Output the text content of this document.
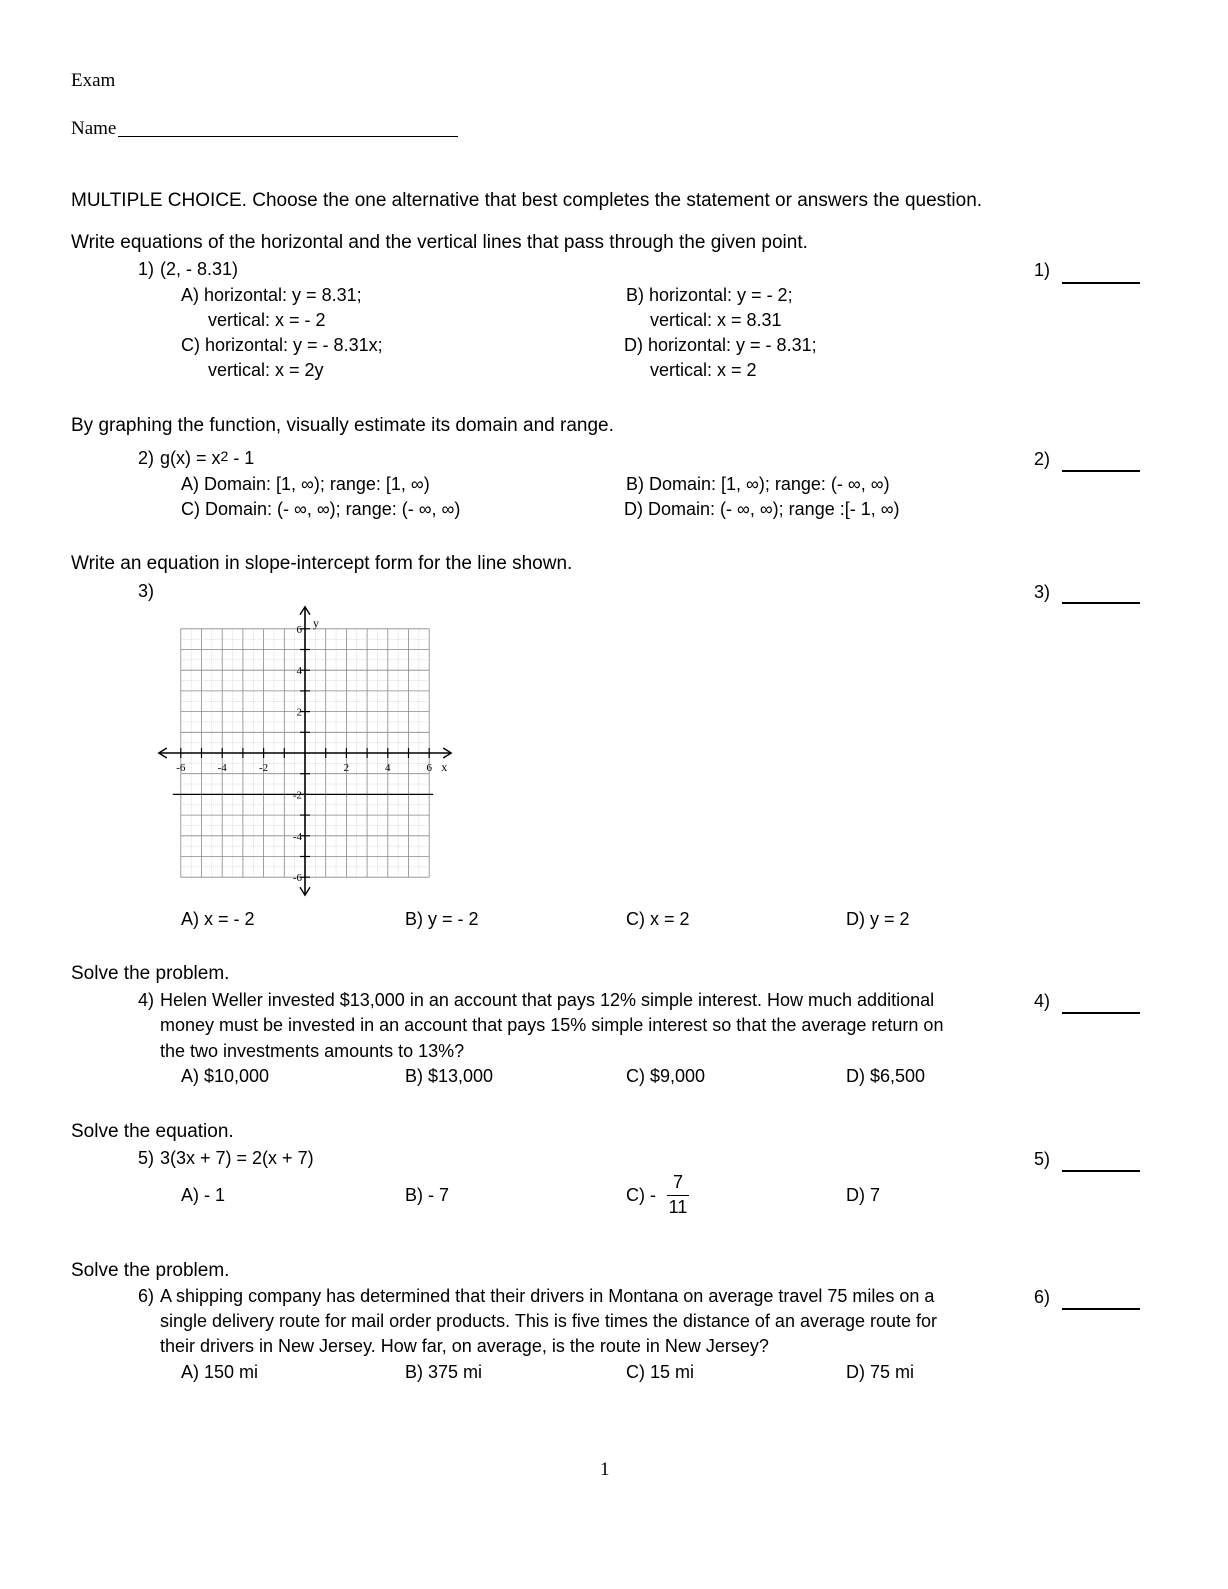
Exam
Name
MULTIPLE CHOICE. Choose the one alternative that best completes the statement or answers the question.
Write equations of the horizontal and the vertical lines that pass through the given point.
1) (2, - 8.31)	1)
A) horizontal: y = 8.31;
vertical: x = - 2
B) horizontal: y = - 2;
vertical: x = 8.31
C) horizontal: y = - 8.31x;
vertical: x = 2y
D) horizontal: y = - 8.31;
vertical: x = 2
By graphing the function, visually estimate its domain and range.
2) $g(x) = x^2 - 1$	2)
A) Domain: [1, ∞); range: [1, ∞)	B) Domain: [1, ∞); range: (- ∞, ∞)
C) Domain: (- ∞, ∞); range: (- ∞, ∞)	D) Domain: (- ∞, ∞); range :[- 1, ∞)
Write an equation in slope-intercept form for the line shown.
3)	3)
-6	-4	-2	2	4	6
6
4
2
-2
-4
-6
x
y
A) x = - 2	B) y = - 2	C) x = 2	D) y = 2
Solve the problem.
4) Helen Weller invested $13,000 in an account that pays 12% simple interest. How much additional
money must be invested in an account that pays 15% simple interest so that the average return on
the two investments amounts to 13%?
4)
A) $10,000	B) $13,000	C) $9,000	D) $6,500
Solve the equation.
5) 3(3x + 7) = 2(x + 7)	5)
A) - 1	B) - 7	C) -
7
11
D) 7
Solve the problem.
6) A shipping company has determined that their drivers in Montana on average travel 75 miles on a
single delivery route for mail order products. This is five times the distance of an average route for
their drivers in New Jersey. How far, on average, is the route in New Jersey?
6)
A) 150 mi	B) 375 mi	C) 15 mi	D) 75 mi
1
